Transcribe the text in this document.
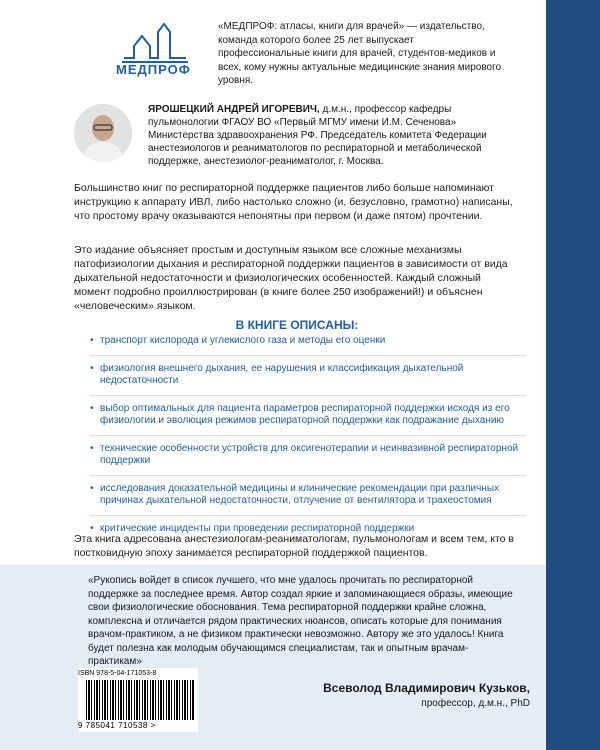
МЕДПРОФ
«МЕДПРОФ: атласы, книги для врачей» — издательство, команда которого более 25 лет выпускает профессиональные книги для врачей, студентов-медиков и всех, кому нужны актуальные медицинские знания мирового уровня.
ЯРОШЕЦКИЙ АНДРЕЙ ИГОРЕВИЧ, д.м.н., профессор кафедры пульмонологии ФГАОУ ВО «Первый МГМУ имени И.М. Сеченова» Министерства здравоохранения РФ. Председатель комитета Федерации анестезиологов и реаниматологов по респираторной и метаболической поддержке, анестезиолог-реаниматолог, г. Москва.
Большинство книг по респираторной поддержке пациентов либо больше напоминают инструкцию к аппарату ИВЛ, либо настолько сложно (и, безусловно, грамотно) написаны, что простому врачу оказываются непонятны при первом (и даже пятом) прочтении.
Это издание объясняет простым и доступным языком все сложные механизмы патофизиологии дыхания и респираторной поддержки пациентов в зависимости от вида дыхательной недостаточности и физиологических особенностей. Каждый сложный момент подробно проиллюстрирован (в книге более 250 изображений!) и объяснен «человеческим» языком.
В КНИГЕ ОПИСАНЫ:
• транспорт кислорода и углекислого газа и методы его оценки
• физиология внешнего дыхания, ее нарушения и классификация дыхательной недостаточности
• выбор оптимальных для пациента параметров респираторной поддержки исходя из его физиологии и эволюция режимов респираторной поддержки как подражание дыханию
• технические особенности устройств для оксигенотерапии и неинвазивной респираторной поддержки
• исследования доказательной медицины и клинические рекомендации при различных причинах дыхательной недостаточности, отлучение от вентилятора и трахеостомия
• критические инциденты при проведении респираторной поддержки
Эта книга адресована анестезиологам-реаниматологам, пульмонологам и всем тем, кто в постковидную эпоху занимается респираторной поддержкой пациентов.
«Рукопись войдет в список лучшего, что мне удалось прочитать по респираторной поддержке за последнее время. Автор создал яркие и запоминающиеся образы, имеющие свои физиологические обоснования. Тема респираторной поддержки крайне сложна, комплексна и отличается рядом практических нюансов, описать которые для понимания врачом-практиком, а не физиком практически невозможно. Автору же это удалось! Книга будет полезна как молодым обучающимся специалистам, так и опытным врачам-практикам»
ISBN 978-5-04-171053-8
9 785041 710538 >
Всеволод Владимирович Кузьков,
профессор, д.м.н., PhD
